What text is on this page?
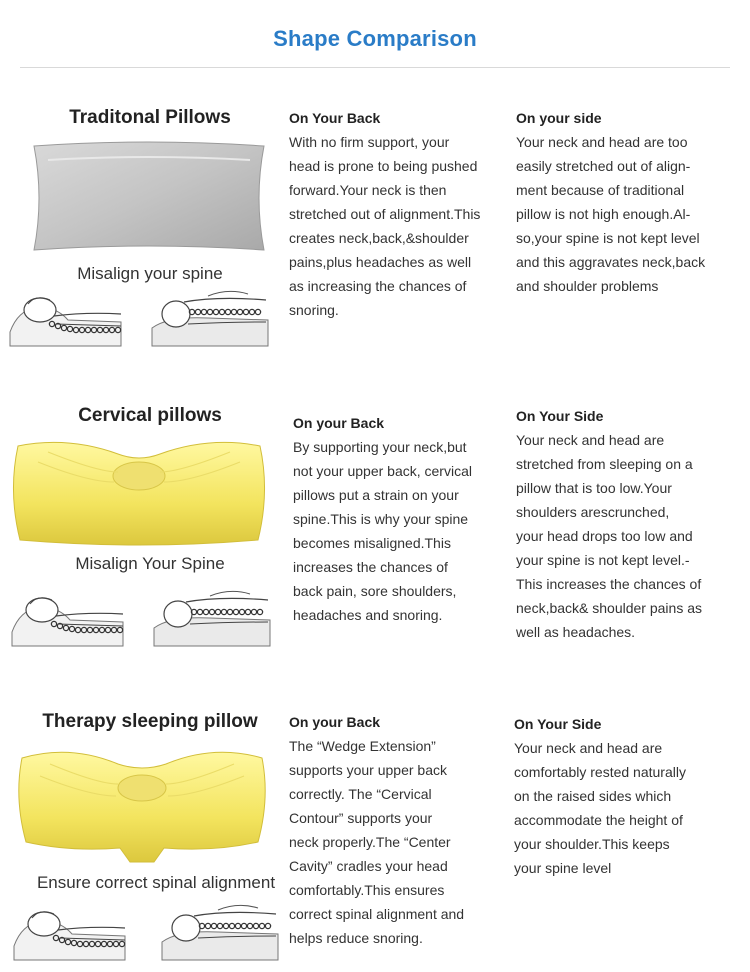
Shape Comparison
Traditonal Pillows
Misalign your spine
On Your Back
With no firm support, your
head is prone to being pushed
forward.Your neck is then
stretched out of alignment.This
creates neck,back,&shoulder
pains,plus headaches as well
as increasing the chances of
snoring.
On your side
Your neck and head are too
easily stretched out of align-
ment because of traditional
pillow is not high enough.Al-
so,your spine is not kept level
and this aggravates neck,back
and shoulder problems
Cervical pillows
Misalign Your Spine
On your Back
By supporting your neck,but
not your upper back, cervical
pillows put a strain on your
spine.This is why your spine
becomes misaligned.This
increases the chances of
back pain, sore shoulders,
headaches and snoring.
On Your Side
Your neck and head are
stretched from sleeping on a
pillow that is too low.Your
shoulders arescrunched,
your head drops too low and
your spine is not kept level.-
This increases the chances of
neck,back& shoulder pains as
well as headaches.
Therapy sleeping pillow
Ensure correct spinal alignment
On your Back
The “Wedge Extension”
supports your upper back
correctly. The “Cervical
Contour” supports your
neck properly.The “Center
Cavity” cradles your head
comfortably.This ensures
correct spinal alignment and
helps reduce snoring.
On Your Side
Your neck and head are
comfortably rested naturally
on the raised sides which
accommodate the height of
your shoulder.This keeps
your spine level
